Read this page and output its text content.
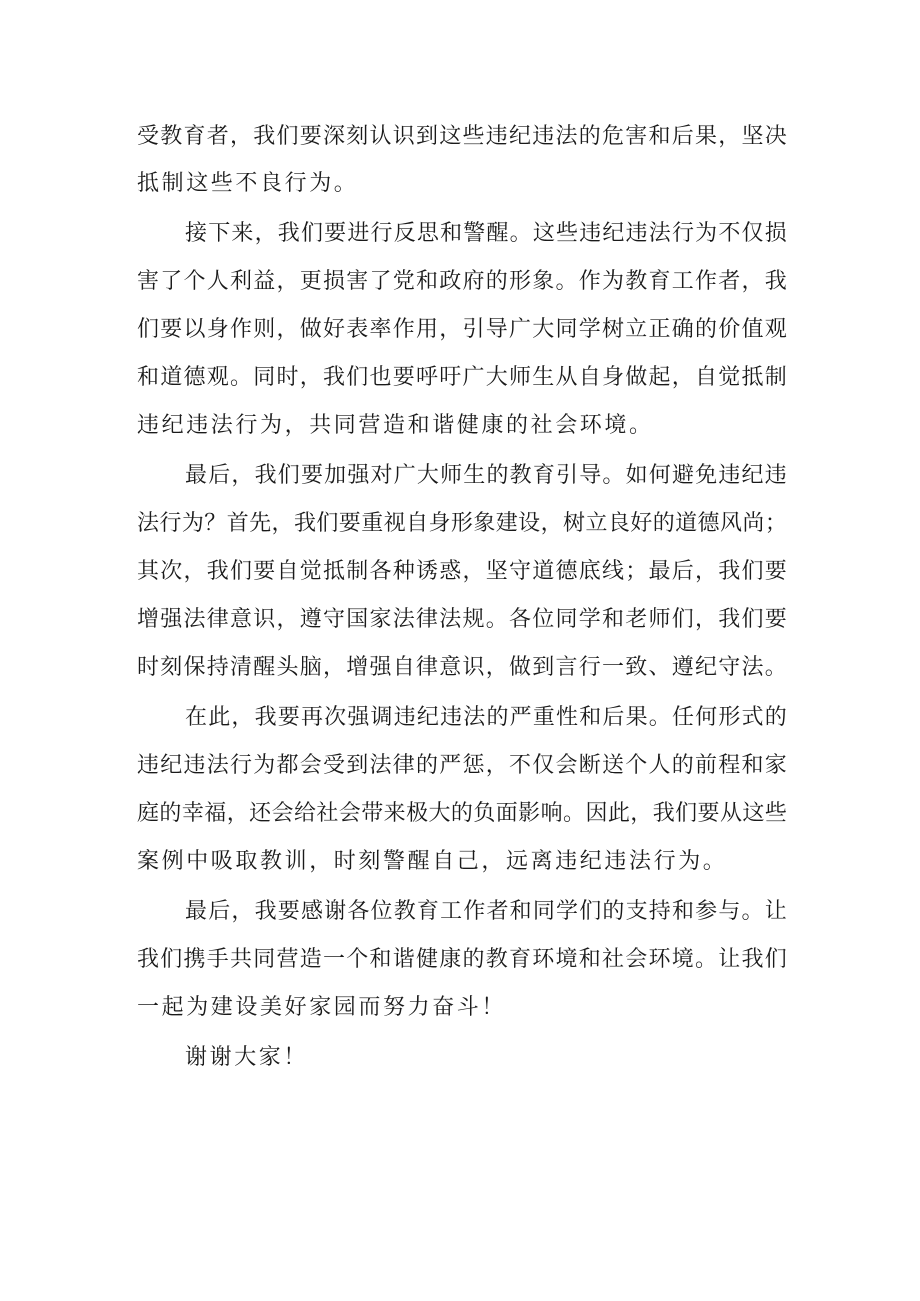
受 教 育 者 ， 我 们 要 深 刻 认 识 到 这 些 违 纪 违 法 的 危 害 和 后 果 ， 坚 决
抵制这些不良行为。
接 下 来 ， 我 们 要 进 行 反 思 和 警 醒 。 这 些 违 纪 违 法 行 为 不 仅 损
害 了 个 人 利 益 ， 更 损 害 了 党 和 政 府 的 形 象 。 作 为 教 育 工 作 者 ， 我
们 要 以 身 作 则 ， 做 好 表 率 作 用 ， 引 导 广 大 同 学 树 立 正 确 的 价 值 观
和 道 德 观 。 同 时 ， 我 们 也 要 呼 吁 广 大 师 生 从 自 身 做 起 ， 自 觉 抵 制
违纪违法行为，共同营造和谐健康的社会环境。
最 后 ， 我 们 要 加 强 对 广 大 师 生 的 教 育 引 导 。 如 何 避 免 违 纪 违
法 行 为 ？ 首 先 ， 我 们 要 重 视 自 身 形 象 建 设 ， 树 立 良 好 的 道 德 风 尚 ；
其 次 ， 我 们 要 自 觉 抵 制 各 种 诱 惑 ， 坚 守 道 德 底 线 ； 最 后 ， 我 们 要
增 强 法 律 意 识 ， 遵 守 国 家 法 律 法 规 。 各 位 同 学 和 老 师 们 ， 我 们 要
时 刻 保 持 清 醒 头 脑 ， 增 强 自 律 意 识 ， 做 到 言 行 一 致 、 遵 纪 守 法 。
在 此 ， 我 要 再 次 强 调 违 纪 违 法 的 严 重 性 和 后 果 。 任 何 形 式 的
违 纪 违 法 行 为 都 会 受 到 法 律 的 严 惩 ， 不 仅 会 断 送 个 人 的 前 程 和 家
庭 的 幸 福 ， 还 会 给 社 会 带 来 极 大 的 负 面 影 响 。 因 此 ， 我 们 要 从 这 些
案例中吸取教训，时刻警醒自己，远离违纪违法行为。
最 后 ， 我 要 感 谢 各 位 教 育 工 作 者 和 同 学 们 的 支 持 和 参 与 。 让
我 们 携 手 共 同 营 造 一 个 和 谐 健 康 的 教 育 环 境 和 社 会 环 境 。 让 我 们
一起为建设美好家园而努力奋斗！
谢谢大家！
